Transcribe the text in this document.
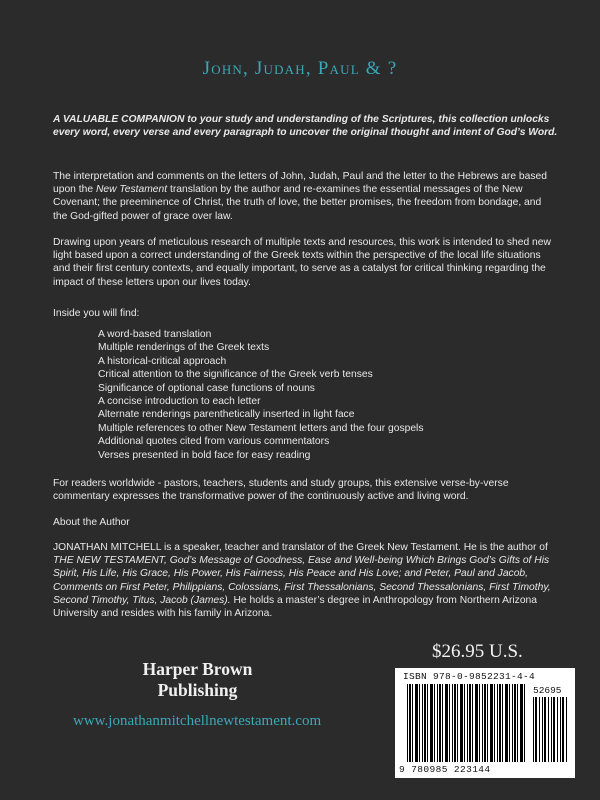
John, Judah, Paul & ?

A VALUABLE COMPANION to your study and understanding of the Scriptures, this collection unlocks every word, every verse and every paragraph to uncover the original thought and intent of God’s Word.

The interpretation and comments on the letters of John, Judah, Paul and the letter to the Hebrews are based upon the New Testament translation by the author and re-examines the essential messages of the New Covenant; the preeminence of Christ, the truth of love, the better promises, the freedom from bondage, and the God-gifted power of grace over law.

Drawing upon years of meticulous research of multiple texts and resources, this work is intended to shed new light based upon a correct understanding of the Greek texts within the perspective of the local life situations and their first century contexts, and equally important, to serve as a catalyst for critical thinking regarding the impact of these letters upon our lives today.

Inside you will find:
A word-based translation
Multiple renderings of the Greek texts
A historical-critical approach
Critical attention to the significance of the Greek verb tenses
Significance of optional case functions of nouns
A concise introduction to each letter
Alternate renderings parenthetically inserted in light face
Multiple references to other New Testament letters and the four gospels
Additional quotes cited from various commentators
Verses presented in bold face for easy reading

For readers worldwide - pastors, teachers, students and study groups, this extensive verse-by-verse commentary expresses the transformative power of the continuously active and living word.

About the Author

JONATHAN MITCHELL is a speaker, teacher and translator of the Greek New Testament. He is the author of THE NEW TESTAMENT, God’s Message of Goodness, Ease and Well-being Which Brings God’s Gifts of His Spirit, His Life, His Grace, His Power, His Fairness, His Peace and His Love; and Peter, Paul and Jacob, Comments on First Peter, Philippians, Colossians, First Thessalonians, Second Thessalonians, First Timothy, Second Timothy, Titus, Jacob (James). He holds a master’s degree in Anthropology from Northern Arizona University and resides with his family in Arizona.

Harper Brown
Publishing
www.jonathanmitchellnewtestament.com
$26.95 U.S.
ISBN 978-0-9852231-4-4
52695
9 780985 223144
